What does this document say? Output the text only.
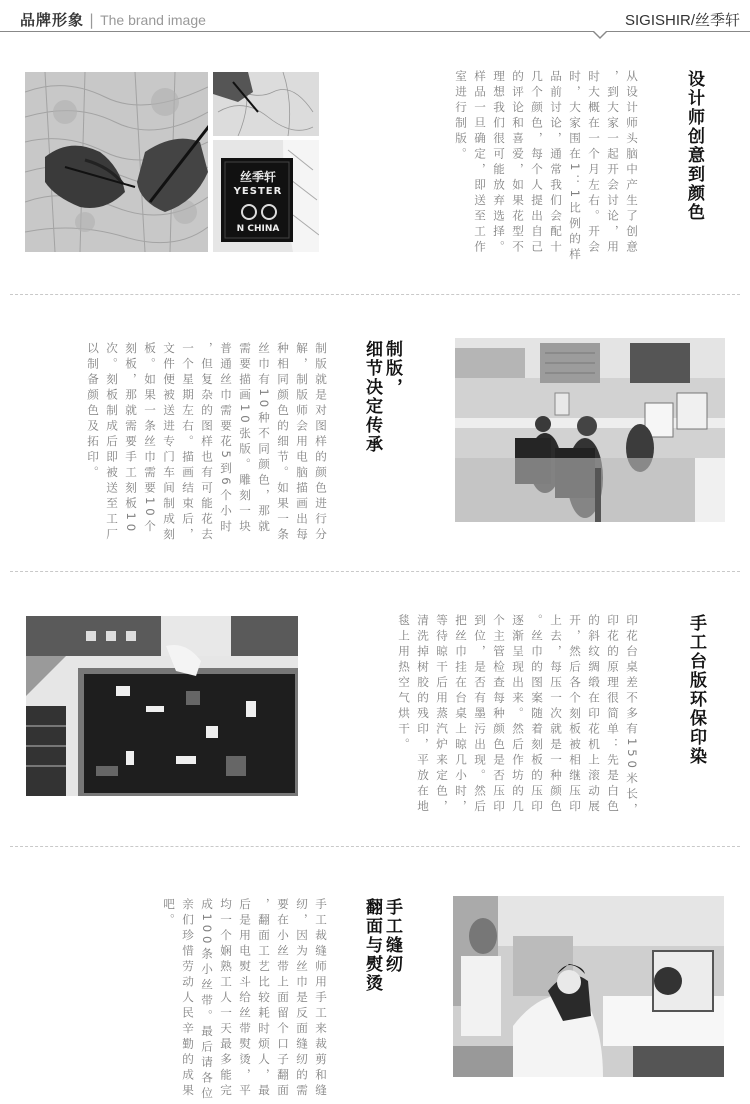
品牌形象 | The brand image	SIGISHIR/丝季轩
丝季轩
YESTER
N CHINA
设计师创意到颜色
从设计师头脑中产生了创意
，到大家一起开会讨论，用
时大概在一个月左右。开会
时，大家围在1：1比例的样
品前讨论，通常我们会配十
几个颜色，每个人提出自己
的评论和喜爱，如果花型不
理想我们很可能放弃选择。
样品一旦确定，即送至工作
室进行制版。
制版就是对图样的颜色进行分
解，制版师会用电脑描画出每
种相同颜色的细节。如果一条
丝巾有10种不同颜色，那就
需要描画10张版。雕刻一块
普通丝巾需要花5到6个小时
，但复杂的图样也有可能花去
一个星期左右。描画结束后，
文件便被送进专门车间制成刻
板。如果一条丝巾需要10个
刻板，那就需要手工刻板10
次。刻板制成后即被送至工厂
以制备颜色及拓印。	制版，
细节决定传承
印花台桌差不多有150米长，
印花的原理很简单：先是白色
的斜纹绸缎在印花机上滚动展
开，然后各个刻板被相继压印
上去，每压一次就是一种颜色
。丝巾的图案随着刻板的压印
逐渐呈现出来。然后作坊的几
个主管检查每种颜色是否压印
到位，是否有墨污出现。然后
把丝巾挂在台桌上晾几小时，
等待晾干后用蒸汽炉来定色，
清洗掉树胶的残印，平放在地
毯上用热空气烘干。	手工台版环保印染
手工裁缝师用手工来裁剪和缝
纫，因为丝巾是反面缝纫的需
要在小丝带上面留个口子翻面
，翻面工艺比较耗时烦人，最
后是用电熨斗给丝带熨烫，平
均一个娴熟工人一天最多能完
成100条小丝带。最后请各位
亲们珍惜劳动人民辛勤的成果
吧。	手工缝纫
翻面与熨烫
